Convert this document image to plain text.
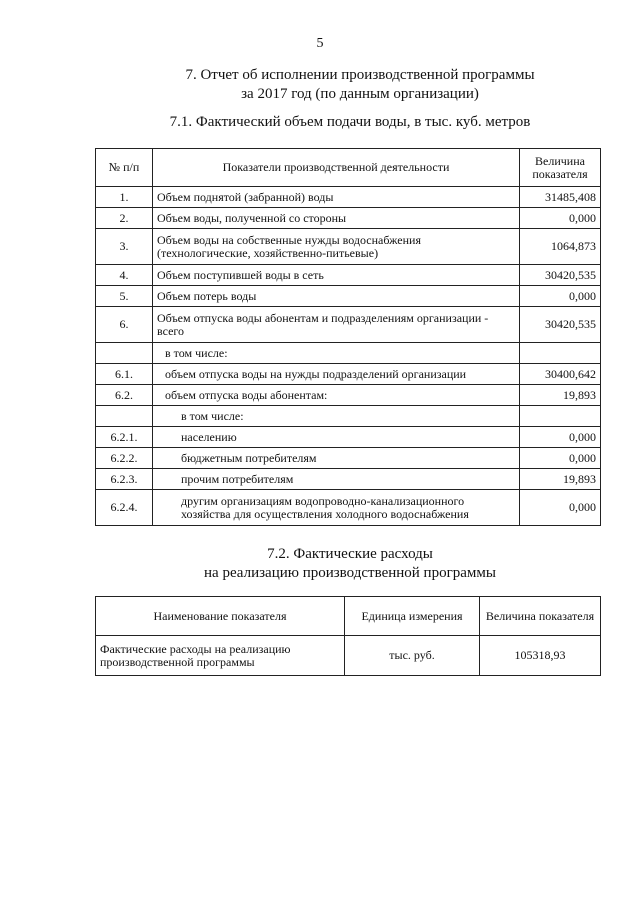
5
7. Отчет об исполнении производственной программы
за 2017 год (по данным организации)
7.1. Фактический объем подачи воды, в тыс. куб. метров
№ п/п	Показатели производственной деятельности	Величина показателя
1.	Объем поднятой (забранной) воды	31485,408
2.	Объем воды, полученной со стороны	0,000
3.	Объем воды на собственные нужды водоснабжения (технологические, хозяйственно-питьевые)	1064,873
4.	Объем поступившей воды в сеть	30420,535
5.	Объем потерь воды	0,000
6.	Объем отпуска воды абонентам и подразделениям организации - всего	30420,535
	в том числе:	
6.1.	объем отпуска воды на нужды подразделений организации	30400,642
6.2.	объем отпуска воды абонентам:	19,893
	в том числе:	
6.2.1.	населению	0,000
6.2.2.	бюджетным потребителям	0,000
6.2.3.	прочим потребителям	19,893
6.2.4.	другим организациям водопроводно-канализационного хозяйства для осуществления холодного водоснабжения	0,000
7.2. Фактические расходы
на реализацию производственной программы
Наименование показателя	Единица измерения	Величина показателя
Фактические расходы на реализацию производственной программы	тыс. руб.	105318,93
